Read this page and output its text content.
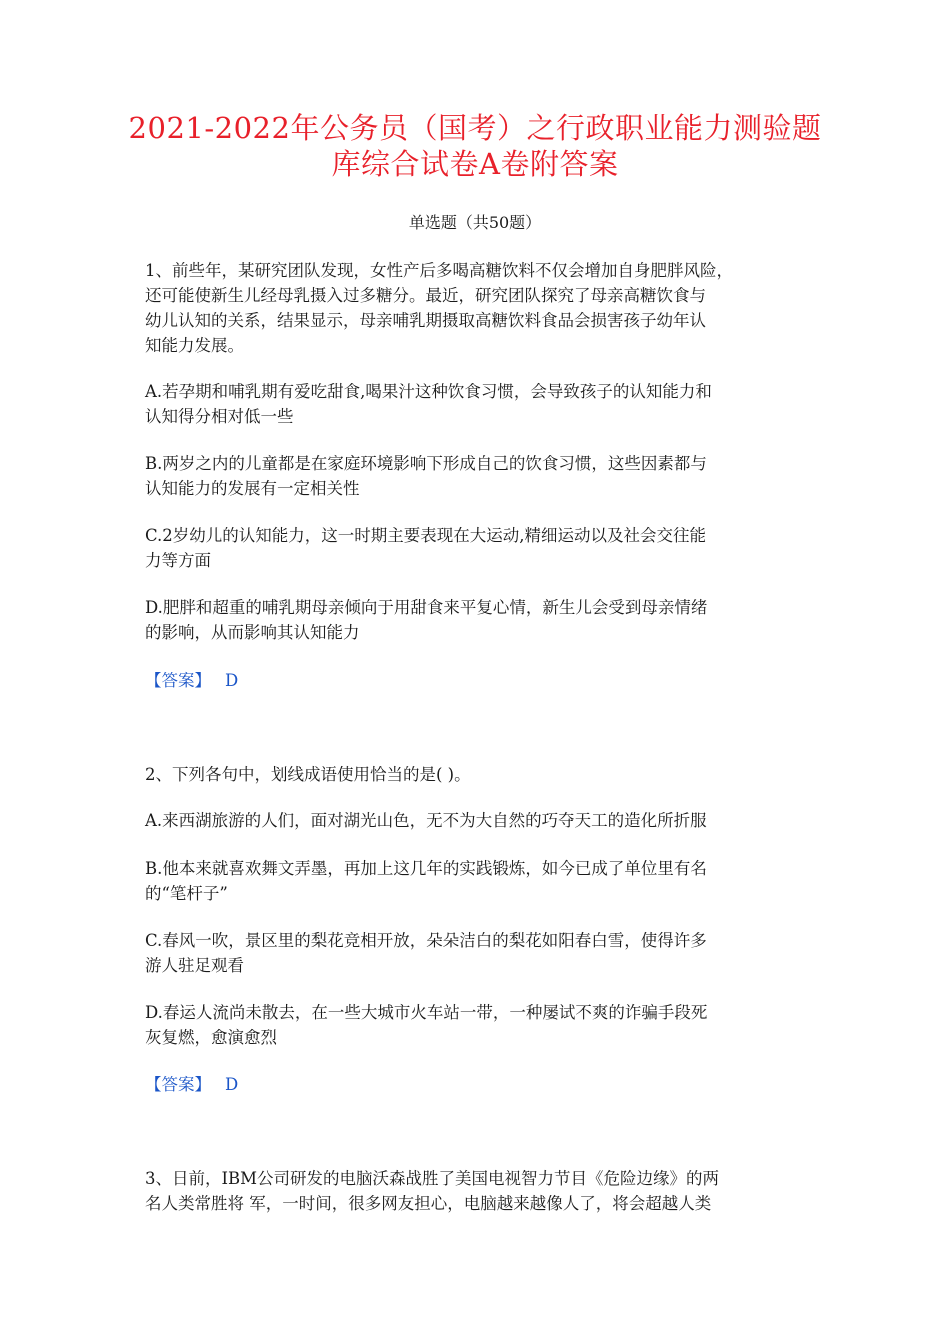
2021-2022年公务员（国考）之行政职业能力测验题
库综合试卷A卷附答案
单选题（共50题）
1、前些年，某研究团队发现，女性产后多喝高糖饮料不仅会增加自身肥胖风险，
还可能使新生儿经母乳摄入过多糖分。最近，研究团队探究了母亲高糖饮食与
幼儿认知的关系，结果显示，母亲哺乳期摄取高糖饮料食品会损害孩子幼年认
知能力发展。
A.若孕期和哺乳期有爱吃甜食,喝果汁这种饮食习惯，会导致孩子的认知能力和
认知得分相对低一些
B.两岁之内的儿童都是在家庭环境影响下形成自己的饮食习惯，这些因素都与
认知能力的发展有一定相关性
C.2岁幼儿的认知能力，这一时期主要表现在大运动,精细运动以及社会交往能
力等方面
D.肥胖和超重的哺乳期母亲倾向于用甜食来平复心情，新生儿会受到母亲情绪
的影响，从而影响其认知能力
【答案】 D
2、下列各句中，划线成语使用恰当的是( )。
A.来西湖旅游的人们，面对湖光山色，无不为大自然的巧夺天工的造化所折服
B.他本来就喜欢舞文弄墨，再加上这几年的实践锻炼，如今已成了单位里有名
的“笔杆子”
C.春风一吹，景区里的梨花竞相开放，朵朵洁白的梨花如阳春白雪，使得许多
游人驻足观看
D.春运人流尚未散去，在一些大城市火车站一带，一种屡试不爽的诈骗手段死
灰复燃，愈演愈烈
【答案】 D
3、日前，IBM公司研发的电脑沃森战胜了美国电视智力节目《危险边缘》的两
名人类常胜将 军，一时间，很多网友担心，电脑越来越像人了，将会超越人类
